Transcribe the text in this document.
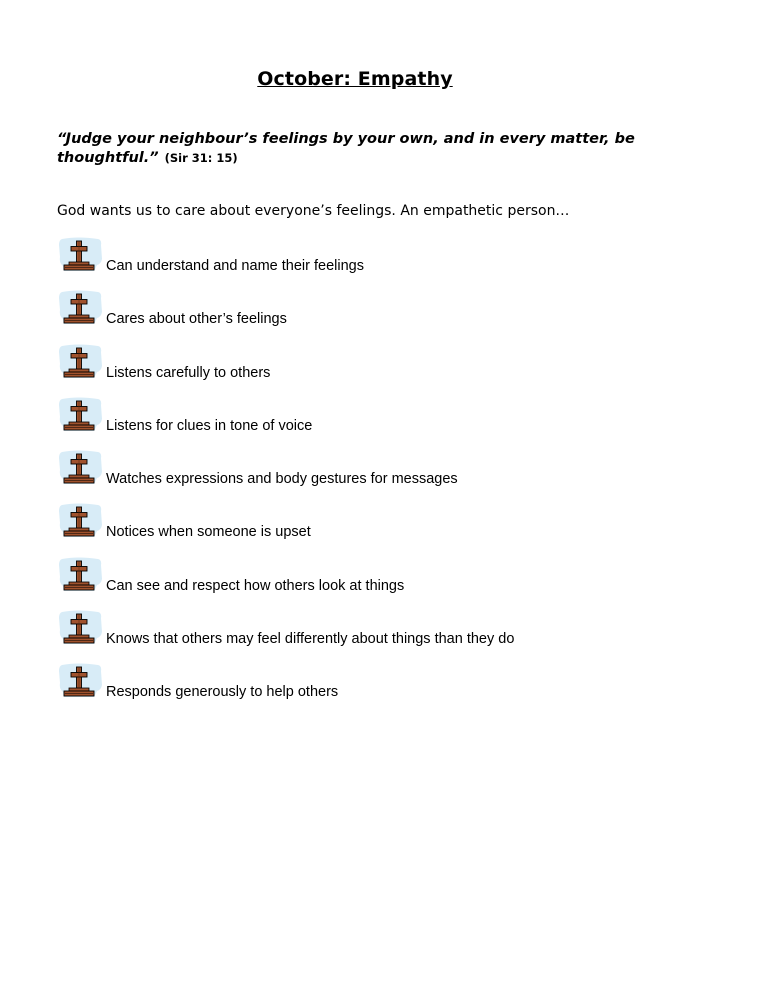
October: Empathy
“Judge your neighbour’s feelings by your own, and in every matter, be thoughtful.” (Sir 31: 15)
God wants us to care about everyone’s feelings. An empathetic person…
Can understand and name their feelings
Cares about other’s feelings
Listens carefully to others
Listens for clues in tone of voice
Watches expressions and body gestures for messages
Notices when someone is upset
Can see and respect how others look at things
Knows that others may feel differently about things than they do
Responds generously to help others
